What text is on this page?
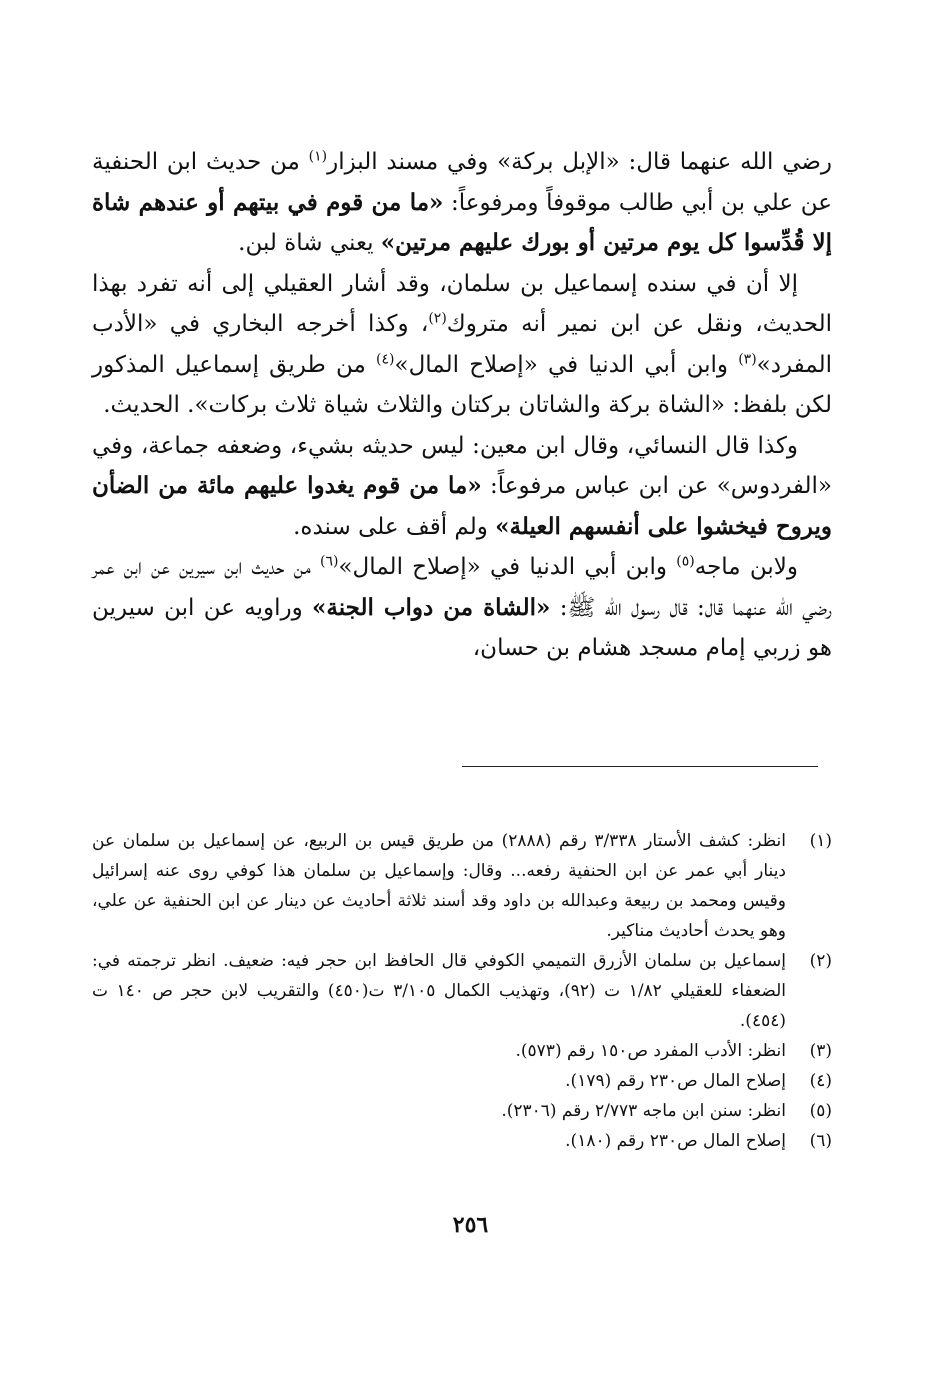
رضي الله عنهما قال: «الإبل بركة» وفي مسند البزار$^{(١)}$ من حديث ابن الحنفية عن علي بن أبي طالب موقوفاً ومرفوعاً: «ما من قوم في بيتهم أو عندهم شاة إلا قُدِّسوا كل يوم مرتين أو بورك عليهم مرتين» يعني شاة لبن.

إلا أن في سنده إسماعيل بن سلمان، وقد أشار العقيلي إلى أنه تفرد بهذا الحديث، ونقل عن ابن نمير أنه متروك$^{(٢)}$، وكذا أخرجه البخاري في «الأدب المفرد»$^{(٣)}$ وابن أبي الدنيا في «إصلاح المال»$^{(٤)}$ من طريق إسماعيل المذكور لكن بلفظ: «الشاة بركة والشاتان بركتان والثلاث شياة ثلاث بركات». الحديث.

وكذا قال النسائي، وقال ابن معين: ليس حديثه بشيء، وضعفه جماعة، وفي «الفردوس» عن ابن عباس مرفوعاً: «ما من قوم يغدوا عليهم مائة من الضأن ويروح فيخشوا على أنفسهم العيلة» ولم أقف على سنده.

ولابن ماجه$^{(٥)}$ وابن أبي الدنيا في «إصلاح المال»$^{(٦)}$ من حديث ابن سيرين عن ابن عمر رضي الله عنهما قال: قال رسول الله ﷺ: «الشاة من دواب الجنة» وراويه عن ابن سيرين هو زربي إمام مسجد هشام بن حسان،

(١)
انظر: كشف الأستار ٣/٣٣٨ رقم (٢٨٨٨) من طريق قيس بن الربيع، عن إسماعيل بن سلمان عن دينار أبي عمر عن ابن الحنفية رفعه... وقال: وإسماعيل بن سلمان هذا كوفي روى عنه إسرائيل وقيس ومحمد بن ربيعة وعبدالله بن داود وقد أسند ثلاثة أحاديث عن دينار عن ابن الحنفية عن علي، وهو يحدث أحاديث مناكير.
(٢)
إسماعيل بن سلمان الأزرق التميمي الكوفي قال الحافظ ابن حجر فيه: ضعيف. انظر ترجمته في: الضعفاء للعقيلي ١/٨٢ ت (٩٢)، وتهذيب الكمال ٣/١٠٥ ت(٤٥٠) والتقريب لابن حجر ص ١٤٠ ت (٤٥٤).
(٣)
انظر: الأدب المفرد ص١٥٠ رقم (٥٧٣).
(٤)
إصلاح المال ص٢٣٠ رقم (١٧٩).
(٥)
انظر: سنن ابن ماجه ٢/٧٧٣ رقم (٢٣٠٦).
(٦)
إصلاح المال ص٢٣٠ رقم (١٨٠).
٢٥٦
